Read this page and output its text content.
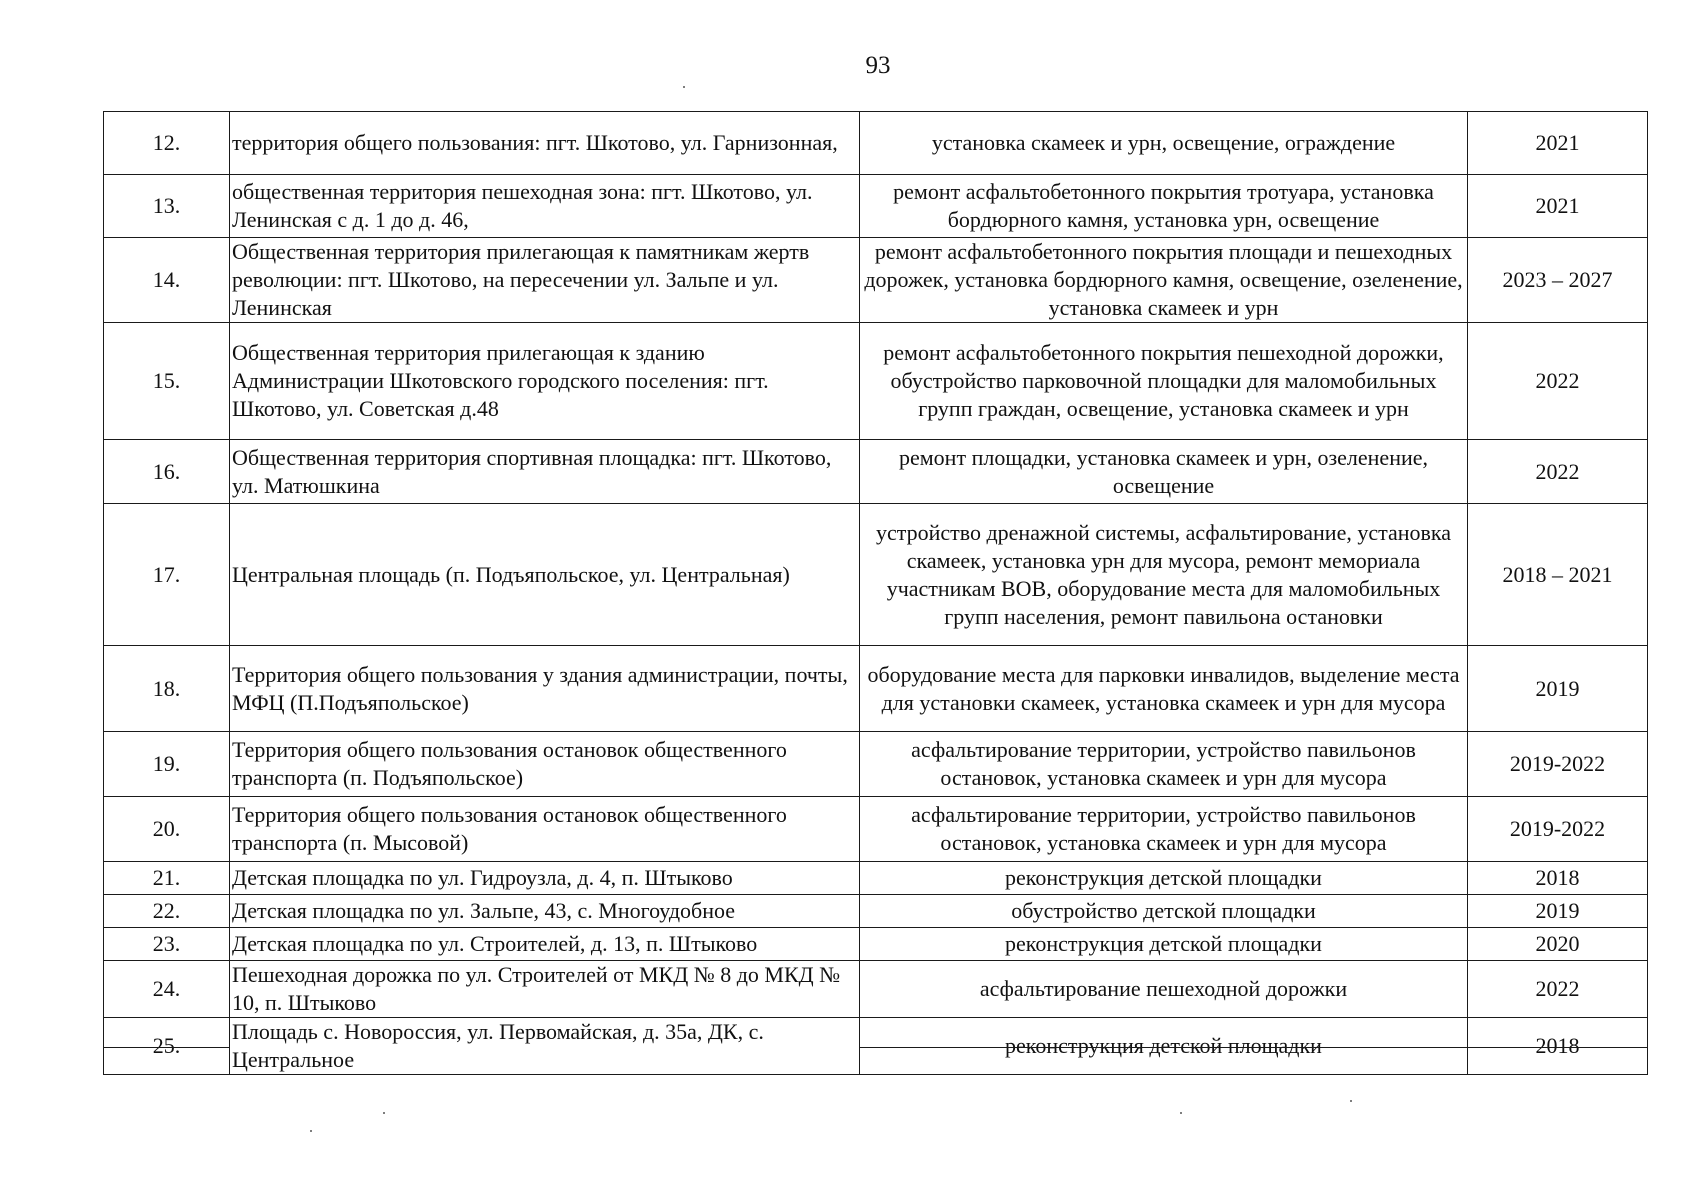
93
12.	территория общего пользования: пгт. Шкотово, ул. Гарнизонная,	установка скамеек и урн, освещение, ограждение	2021
13.	общественная территория пешеходная зона: пгт. Шкотово, ул. Ленинская с д. 1 до д. 46,	ремонт асфальтобетонного покрытия тротуара, установка бордюрного камня, установка урн, освещение	2021
14.	Общественная территория прилегающая к памятникам жертв революции: пгт. Шкотово, на пересечении ул. Зальпе и ул. Ленинская	ремонт асфальтобетонного покрытия площади и пешеходных дорожек, установка бордюрного камня, освещение, озеленение, установка скамеек и урн	2023 – 2027
15.	Общественная территория прилегающая к зданию Администрации Шкотовского городского поселения: пгт. Шкотово, ул. Советская д.48	ремонт асфальтобетонного покрытия пешеходной дорожки, обустройство парковочной площадки для маломобильных групп граждан, освещение, установка скамеек и урн	2022
16.	Общественная территория спортивная площадка: пгт. Шкотово, ул. Матюшкина	ремонт площадки, установка скамеек и урн, озеленение, освещение	2022
17.	Центральная площадь (п. Подъяпольское, ул. Центральная)	устройство дренажной системы, асфальтирование, установка скамеек, установка урн для мусора, ремонт мемориала участникам ВОВ, оборудование места для маломобильных групп населения, ремонт павильона остановки	2018 – 2021
18.	Территория общего пользования у здания администрации, почты, МФЦ (П.Подъяпольское)	оборудование места для парковки инвалидов, выделение места для установки скамеек, установка скамеек и урн для мусора	2019
19.	Территория общего пользования остановок общественного транспорта (п. Подъяпольское)	асфальтирование территории, устройство павильонов остановок, установка скамеек и урн для мусора	2019-2022
20.	Территория общего пользования остановок общественного транспорта (п. Мысовой)	асфальтирование территории, устройство павильонов остановок, установка скамеек и урн для мусора	2019-2022
21.	Детская площадка по ул. Гидроузла, д. 4, п. Штыково	реконструкция детской площадки	2018
22.	Детская площадка по ул. Зальпе, 43, с. Многоудобное	обустройство детской площадки	2019
23.	Детская площадка по ул. Строителей, д. 13, п. Штыково	реконструкция детской площадки	2020
24.	Пешеходная дорожка по ул. Строителей от МКД № 8 до МКД № 10, п. Штыково	асфальтирование пешеходной дорожки	2022

25.	Площадь с. Новороссия, ул. Первомайская, д. 35а, ДК, с. Центральное	реконструкция детской площадки	2018
